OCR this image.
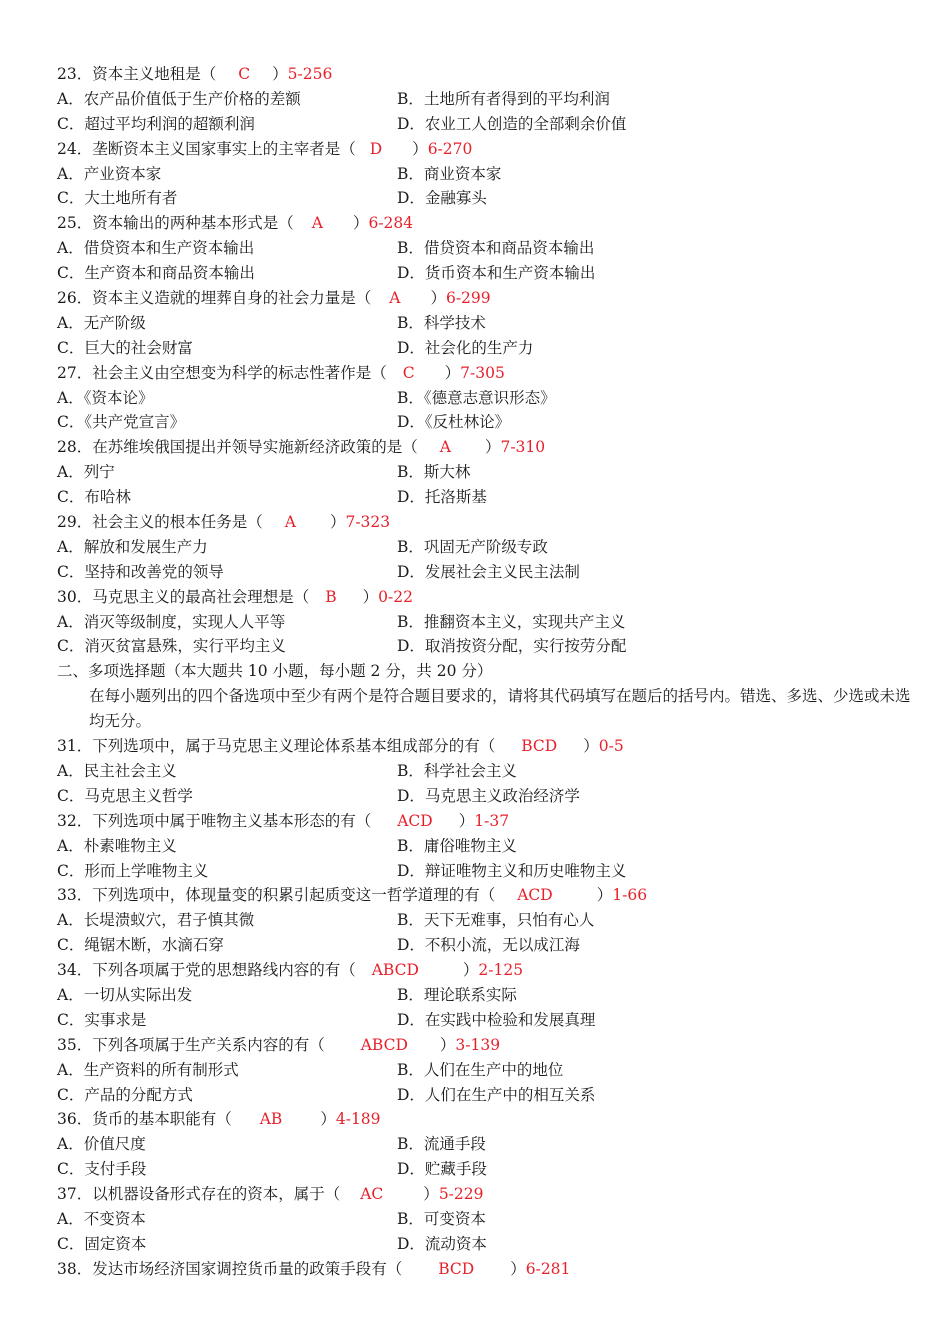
23．资本主义地租是（ C ）5-256
A．农产品价值低于生产价格的差额	B．土地所有者得到的平均利润
C．超过平均利润的超额利润	D．农业工人创造的全部剩余价值
24．垄断资本主义国家事实上的主宰者是（ D ）6-270
A．产业资本家	B．商业资本家
C．大土地所有者	D．金融寡头
25．资本输出的两种基本形式是（ A ）6-284
A．借贷资本和生产资本输出	B．借贷资本和商品资本输出
C．生产资本和商品资本输出	D．货币资本和生产资本输出
26．资本主义造就的埋葬自身的社会力量是（ A ）6-299
A．无产阶级	B．科学技术
C．巨大的社会财富	D．社会化的生产力
27．社会主义由空想变为科学的标志性著作是（ C ）7-305
A．《资本论》	B．《德意志意识形态》
C．《共产党宣言》	D．《反杜林论》
28．在苏维埃俄国提出并领导实施新经济政策的是（ A ）7-310
A．列宁	B．斯大林
C．布哈林	D．托洛斯基
29．社会主义的根本任务是（ A ）7-323
A．解放和发展生产力	B．巩固无产阶级专政
C．坚持和改善党的领导	D．发展社会主义民主法制
30．马克思主义的最高社会理想是（ B ）0-22
A．消灭等级制度，实现人人平等	B．推翻资本主义，实现共产主义
C．消灭贫富悬殊，实行平均主义	D．取消按资分配，实行按劳分配
二、多项选择题（本大题共 10 小题，每小题 2 分，共 20 分）
在每小题列出的四个备选项中至少有两个是符合题目要求的，请将其代码填写在题后的括号内。错选、多选、少选或未选均无分。
31．下列选项中，属于马克思主义理论体系基本组成部分的有（ BCD ）0-5
A．民主社会主义	B．科学社会主义
C．马克思主义哲学	D．马克思主义政治经济学
32．下列选项中属于唯物主义基本形态的有（ ACD ）1-37
A．朴素唯物主义	B．庸俗唯物主义
C．形而上学唯物主义	D．辩证唯物主义和历史唯物主义
33．下列选项中，体现量变的积累引起质变这一哲学道理的有（ ACD	）1-66
A．长堤溃蚁穴，君子慎其微	B．天下无难事，只怕有心人
C．绳锯木断，水滴石穿	D．不积小流，无以成江海
34．下列各项属于党的思想路线内容的有（ ABCD	）2-125
A．一切从实际出发	B．理论联系实际
C．实事求是	D．在实践中检验和发展真理
35．下列各项属于生产关系内容的有（ ABCD ）3-139
A．生产资料的所有制形式	B．人们在生产中的地位
C．产品的分配方式	D．人们在生产中的相互关系
36．货币的基本职能有（ AB ）4-189
A．价值尺度	B．流通手段
C．支付手段	D．贮藏手段
37．以机器设备形式存在的资本，属于（ AC	）5-229
A．不变资本	B．可变资本
C．固定资本	D．流动资本
38．发达市场经济国家调控货币量的政策手段有（ BCD ）6-281
